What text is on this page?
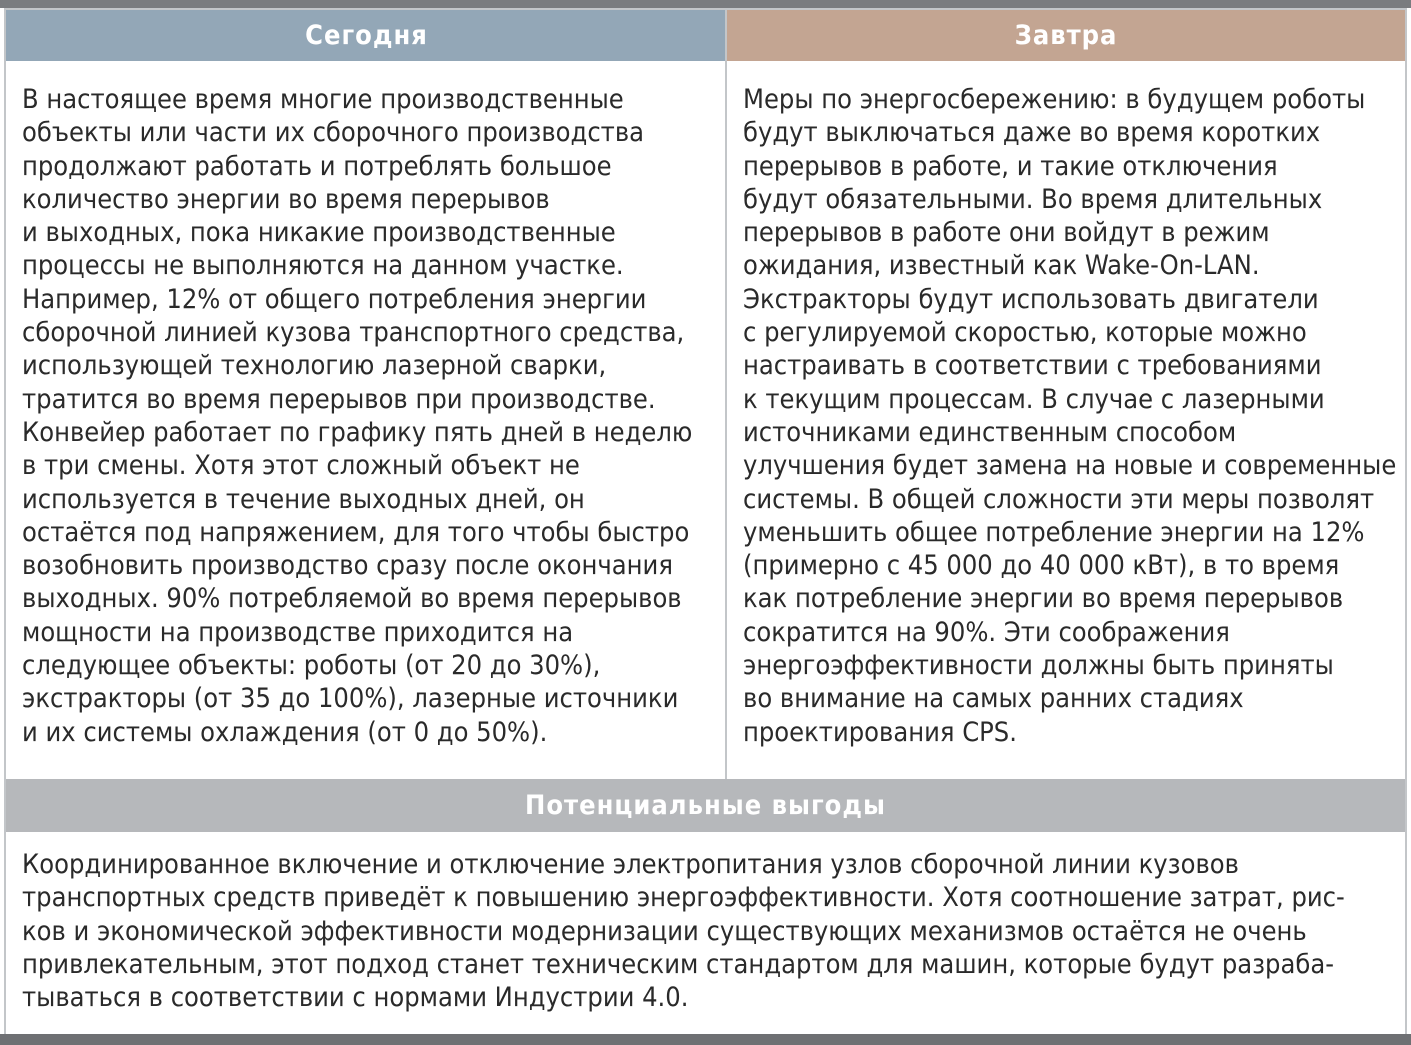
Сегодня	Завтра

В настоящее время многие производственные
объекты или части их сборочного производства
продолжают работать и потреблять большое
количество энергии во время перерывов
и выходных, пока никакие производственные
процессы не выполняются на данном участке.
Например, 12% от общего потребления энергии
сборочной линией кузова транспортного средства,
использующей технологию лазерной сварки,
тратится во время перерывов при производстве.
Конвейер работает по графику пять дней в неделю
в три смены. Хотя этот сложный объект не
используется в течение выходных дней, он
остаётся под напряжением, для того чтобы быстро
возобновить производство сразу после окончания
выходных. 90% потребляемой во время перерывов
мощности на производстве приходится на
следующее объекты: роботы (от 20 до 30%),
экстракторы (от 35 до 100%), лазерные источники
и их системы охлаждения (от 0 до 50%).

Меры по энергосбережению: в будущем роботы
будут выключаться даже во время коротких
перерывов в работе, и такие отключения
будут обязательными. Во время длительных
перерывов в работе они войдут в режим
ожидания, известный как Wake-On-LAN.
Экстракторы будут использовать двигатели
с регулируемой скоростью, которые можно
настраивать в соответствии с требованиями
к текущим процессам. В случае с лазерными
источниками единственным способом
улучшения будет замена на новые и современные
системы. В общей сложности эти меры позволят
уменьшить общее потребление энергии на 12%
(примерно с 45 000 до 40 000 кВт), в то время
как потребление энергии во время перерывов
сократится на 90%. Эти соображения
энергоэффективности должны быть приняты
во внимание на самых ранних стадиях
проектирования CPS.

Потенциальные выгоды

Координированное включение и отключение электропитания узлов сборочной линии кузовов
транспортных средств приведёт к повышению энергоэффективности. Хотя соотношение затрат, рис-
ков и экономической эффективности модернизации существующих механизмов остаётся не очень
привлекательным, этот подход станет техническим стандартом для машин, которые будут разраба-
тываться в соответствии с нормами Индустрии 4.0.
